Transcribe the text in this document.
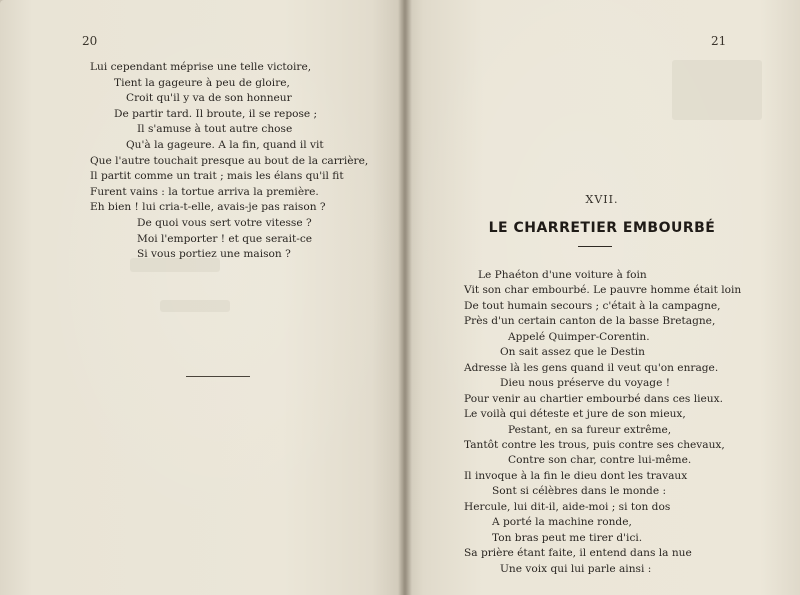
20
Lui cependant méprise une telle victoire,
Tient la gageure à peu de gloire,
Croit qu'il y va de son honneur
De partir tard. Il broute, il se repose ;
Il s'amuse à tout autre chose
Qu'à la gageure. A la fin, quand il vit
Que l'autre touchait presque au bout de la carrière,
Il partit comme un trait ; mais les élans qu'il fit
Furent vains : la tortue arriva la première.
Eh bien ! lui cria-t-elle, avais-je pas raison ?
De quoi vous sert votre vitesse ?
Moi l'emporter ! et que serait-ce
Si vous portiez une maison ?
21
XVII.
LE CHARRETIER EMBOURBÉ
Le Phaéton d'une voiture à foin
Vit son char embourbé. Le pauvre homme était loin
De tout humain secours ; c'était à la campagne,
Près d'un certain canton de la basse Bretagne,
Appelé Quimper-Corentin.
On sait assez que le Destin
Adresse là les gens quand il veut qu'on enrage.
Dieu nous préserve du voyage !
Pour venir au chartier embourbé dans ces lieux.
Le voilà qui déteste et jure de son mieux,
Pestant, en sa fureur extrême,
Tantôt contre les trous, puis contre ses chevaux,
Contre son char, contre lui-même.
Il invoque à la fin le dieu dont les travaux
Sont si célèbres dans le monde :
Hercule, lui dit-il, aide-moi ; si ton dos
A porté la machine ronde,
Ton bras peut me tirer d'ici.
Sa prière étant faite, il entend dans la nue
Une voix qui lui parle ainsi :
